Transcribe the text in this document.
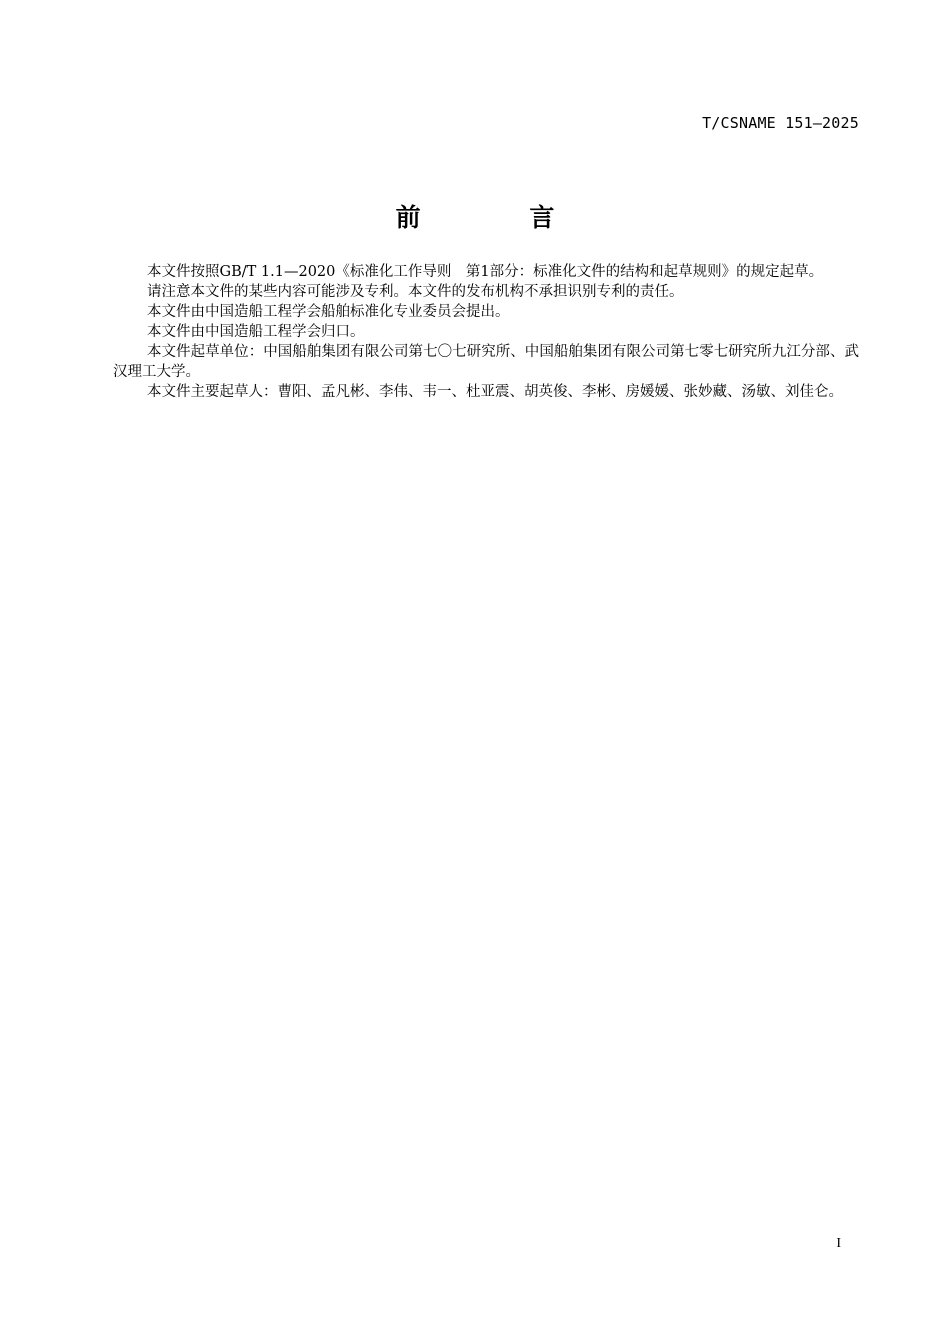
T/CSNAME 151—2025
前 言

本文件按照GB/T 1.1—2020《标准化工作导则　第1部分：标准化文件的结构和起草规则》的规定起草。

请注意本文件的某些内容可能涉及专利。本文件的发布机构不承担识别专利的责任。

本文件由中国造船工程学会船舶标准化专业委员会提出。

本文件由中国造船工程学会归口。

本文件起草单位：中国船舶集团有限公司第七〇七研究所、中国船舶集团有限公司第七零七研究所九江分部、武汉理工大学。

本文件主要起草人：曹阳、孟凡彬、李伟、韦一、杜亚震、胡英俊、李彬、房媛媛、张妙藏、汤敏、刘佳仑。

I
